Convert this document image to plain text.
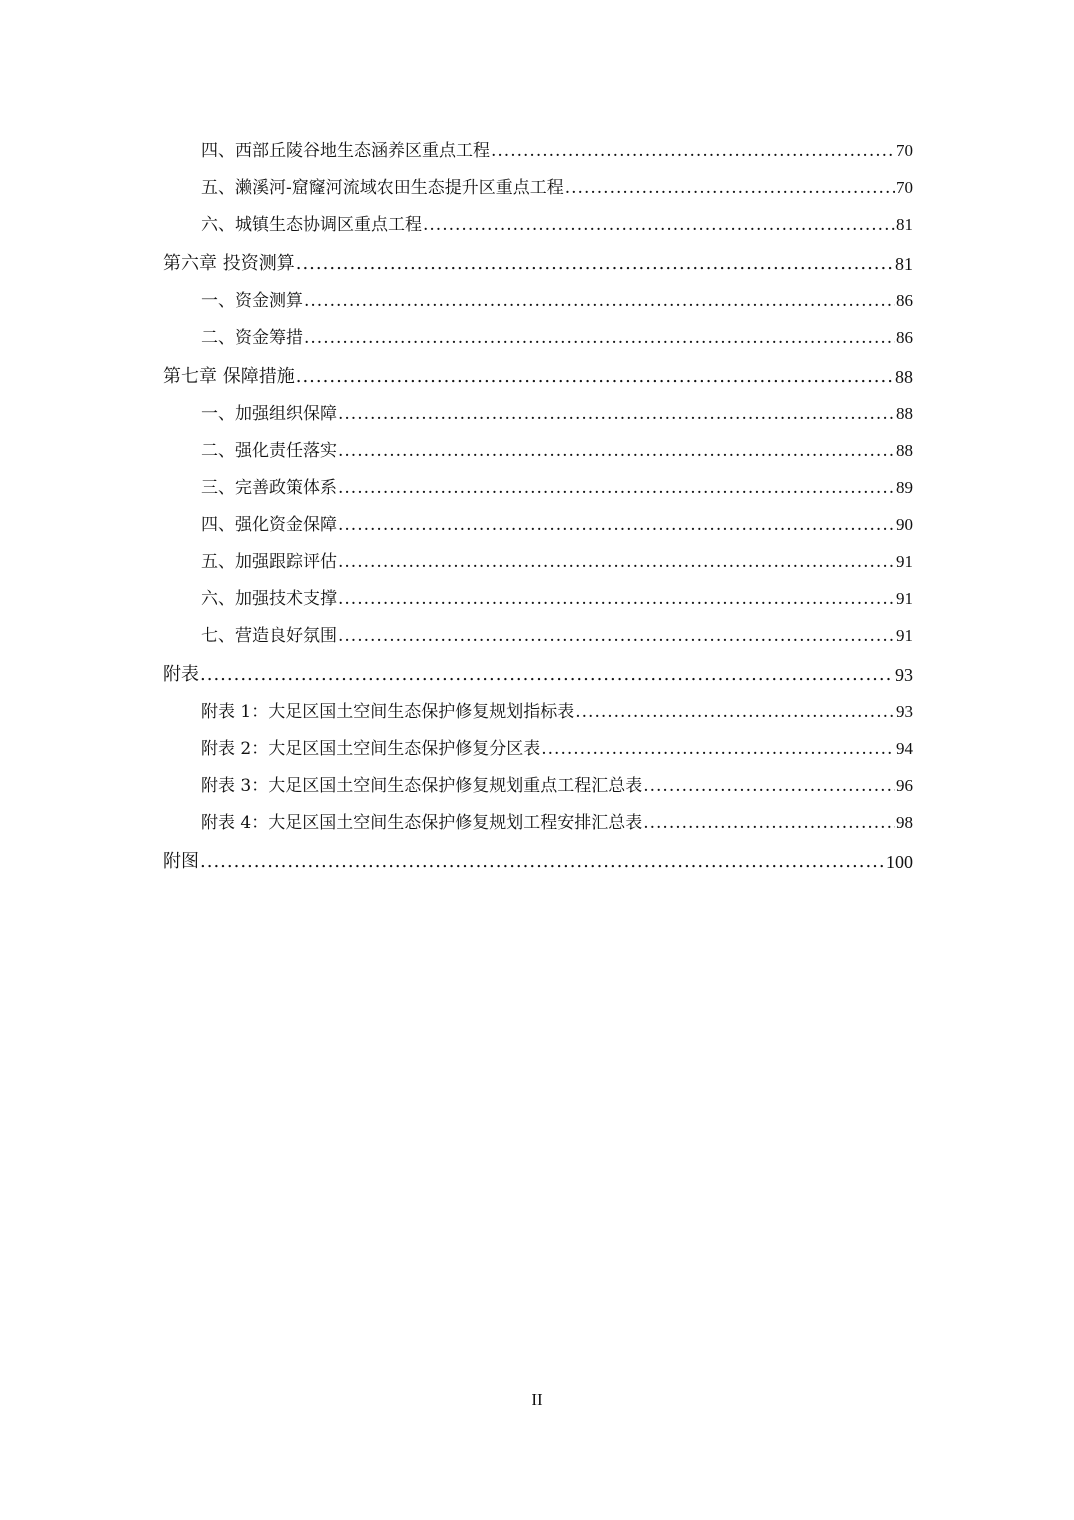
四、西部丘陵谷地生态涵养区重点工程 .....	70
五、濑溪河-窟窿河流域农田生态提升区重点工程 .....	70
六、城镇生态协调区重点工程 .....	81
第六章 投资测算 .....	81
一、资金测算 .....	86
二、资金筹措 .....	86
第七章 保障措施 .....	88
一、加强组织保障 .....	88
二、强化责任落实 .....	88
三、完善政策体系 .....	89
四、强化资金保障 .....	90
五、加强跟踪评估 .....	91
六、加强技术支撑 .....	91
七、营造良好氛围 .....	91
附表 .....	93
附表 1：大足区国土空间生态保护修复规划指标表 .....	93
附表 2：大足区国土空间生态保护修复分区表 .....	94
附表 3：大足区国土空间生态保护修复规划重点工程汇总表 .....	96
附表 4：大足区国土空间生态保护修复规划工程安排汇总表 .....	98
附图 .....	100
II
